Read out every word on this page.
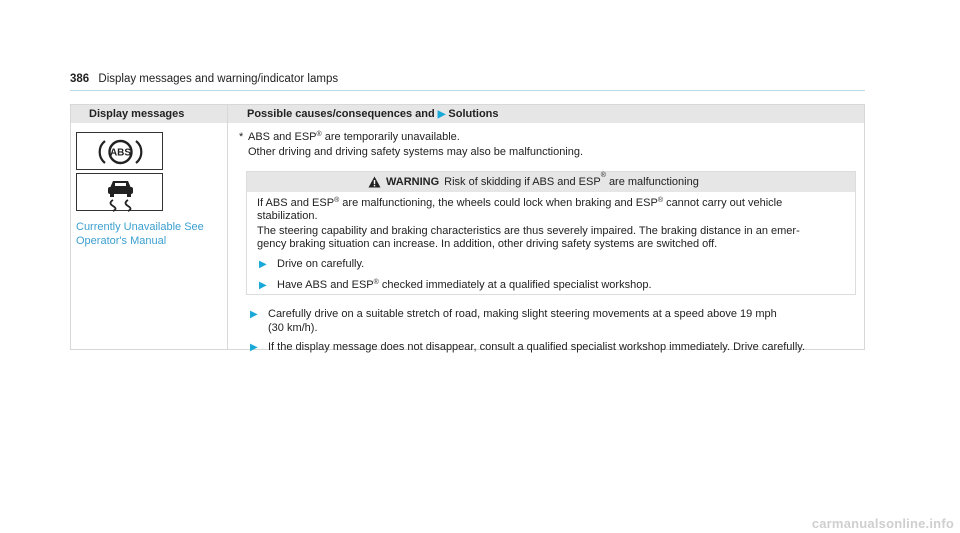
386 Display messages and warning/indicator lamps
Display messages	Possible causes/consequences and ▶ Solutions
ABS
Currently Unavailable See
Operator's Manual
* ABS and ESP® are temporarily unavailable.
Other driving and driving safety systems may also be malfunctioning.
WARNING Risk of skidding if ABS and ESP® are malfunctioning
If ABS and ESP® are malfunctioning, the wheels could lock when braking and ESP® cannot carry out vehicle
stabilization.
The steering capability and braking characteristics are thus severely impaired. The braking distance in an emer-
gency braking situation can increase. In addition, other driving safety systems are switched off.
▶ Drive on carefully.
▶ Have ABS and ESP® checked immediately at a qualified specialist workshop.
▶ Carefully drive on a suitable stretch of road, making slight steering movements at a speed above 19 mph
(30 km/h).
▶ If the display message does not disappear, consult a qualified specialist workshop immediately. Drive carefully.
carmanualsonline.info
